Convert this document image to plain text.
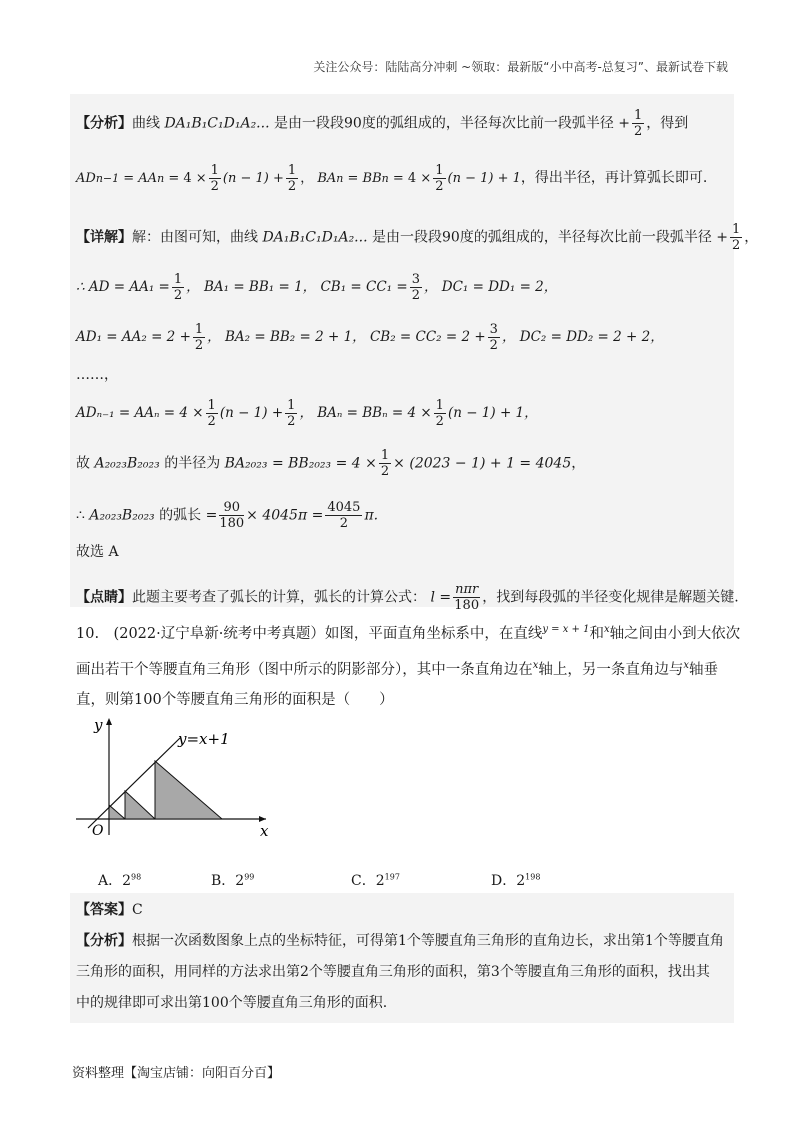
关注公众号：陆陆高分冲刺 ~领取：最新版“小中高考-总复习”、最新试卷下载
【分析】曲线 DA₁B₁C₁D₁A₂... 是由一段段90度的弧组成的，半径每次比前一段弧半径 + $\frac{1}{2}$ ，得到
ADn−1 = AAn = $4 \times \frac{1}{2} (n - 1) + \frac{1}{2}$ ， BAn = BBn = $4 \times \frac{1}{2} (n - 1) + 1$，得出半径，再计算弧长即可.
【详解】解：由图可知，曲线 DA₁B₁C₁D₁A₂... 是由一段段90度的弧组成的，半径每次比前一段弧半径 + $\frac{1}{2}$ ，
∴ AD = $AA_1 = \frac{1}{2}$ ， BA₁ = BB₁ = 1， $CB_1 = CC_1 = \frac{3}{2}$ ， DC₁ = DD₁ = 2，
$AD_1 = AA_2 = 2 + \frac{1}{2}$ ， BA₂ = BB₂ = 2 + 1， $CB_2 = CC_2 = 2 + \frac{3}{2}$ ， DC₂ = DD₂ = 2 + 2，
……，
$AD_{n-1} = AA_n = 4 \times \frac{1}{2} (n - 1) + \frac{1}{2}$ ， $BA_n = BB_n = 4 \times \frac{1}{2} (n - 1) + 1$，
故 A₂₀₂₃B₂₀₂₃ 的半径为 $BA_{2023} = BB_{2023} = 4 \times \frac{1}{2} \times (2023 - 1) + 1 = 4045$，
∴ A₂₀₂₃B₂₀₂₃ 的弧长 = $\frac{90}{180} \times 4045\pi = \frac{4045}{2} \pi$.
故选 A
【点睛】此题主要考查了弧长的计算，弧长的计算公式： $l = \frac{\text{nπr}}{180}$ ，找到每段弧的半径变化规律是解题关键.
10.　(2022·辽宁阜新·统考中考真题）如图，平面直角坐标系中，在直线$^{y = x + 1}$和$^x$轴之间由小到大依次
画出若干个等腰直角三角形（图中所示的阴影部分），其中一条直角边在$^x$轴上，另一条直角边与$^x$轴垂
直，则第100个等腰直角三角形的面积是（　　）
y
x
O
y=x+1
A．$2^{98}$	B．$2^{99}$	C．$2^{197}$	D．$2^{198}$
【答案】C
【分析】根据一次函数图象上点的坐标特征，可得第1个等腰直角三角形的直角边长，求出第1个等腰直角
三角形的面积，用同样的方法求出第2个等腰直角三角形的面积，第3个等腰直角三角形的面积，找出其
中的规律即可求出第100个等腰直角三角形的面积.
资料整理【淘宝店铺：向阳百分百】
